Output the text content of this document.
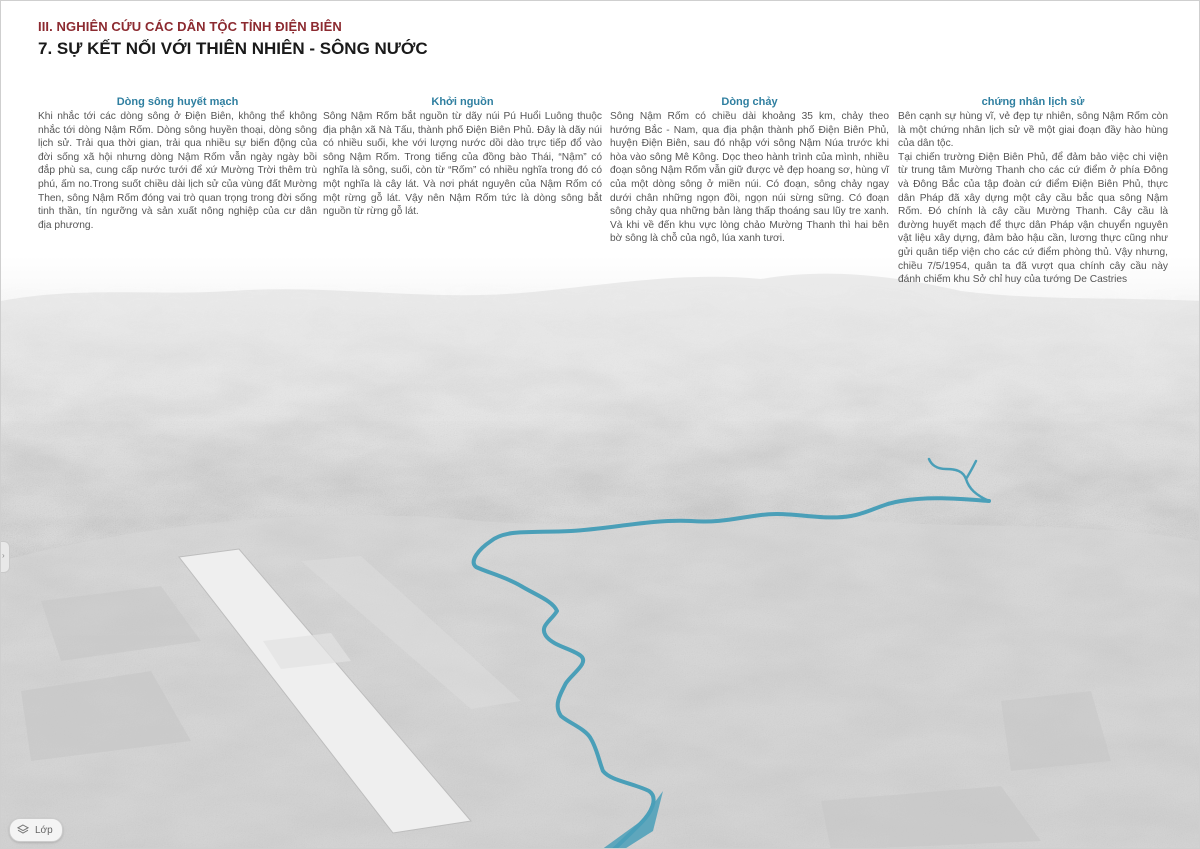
III. NGHIÊN CỨU CÁC DÂN TỘC TỈNH ĐIỆN BIÊN

7. SỰ KẾT NỐI VỚI THIÊN NHIÊN - SÔNG NƯỚC

Dòng sông huyết mạch

Khi nhắc tới các dòng sông ở Điện Biên, không thể không nhắc tới dòng Nậm Rốm. Dòng sông huyền thoại, dòng sông lịch sử. Trải qua thời gian, trải qua nhiều sự biến động của đời sống xã hội nhưng dòng Nậm Rốm vẫn ngày ngày bồi đắp phù sa, cung cấp nước tưới để xứ Mường Trời thêm trù phú, ấm no.Trong suốt chiều dài lịch sử của vùng đất Mường Then, sông Nậm Rốm đóng vai trò quan trọng trong đời sống tinh thần, tín ngưỡng và sản xuất nông nghiệp của cư dân địa phương.

Khởi nguồn

Sông Nậm Rốm bắt nguồn từ dãy núi Pú Huổi Luông thuộc địa phận xã Nà Tấu, thành phố Điện Biên Phủ. Đây là dãy núi có nhiều suối, khe với lượng nước dồi dào trực tiếp đổ vào sông Nậm Rốm. Trong tiếng của đồng bào Thái, “Nậm” có nghĩa là sông, suối, còn từ “Rốm” có nhiều nghĩa trong đó có một nghĩa là cây lát. Và nơi phát nguyên của Nậm Rốm có một rừng gỗ lát. Vậy nên Nậm Rốm tức là dòng sông bắt nguồn từ rừng gỗ lát.

Dòng chảy

Sông Nậm Rốm có chiều dài khoảng 35 km, chảy theo hướng Bắc - Nam, qua địa phận thành phố Điện Biên Phủ, huyện Điện Biên, sau đó nhập với sông Nậm Núa trước khi hòa vào sông Mê Kông. Dọc theo hành trình của mình, nhiều đoạn sông Nậm Rốm vẫn giữ được vẻ đẹp hoang sơ, hùng vĩ của một dòng sông ở miền núi. Có đoạn, sông chảy ngay dưới chân những ngọn đồi, ngọn núi sừng sững. Có đoạn sông chảy qua những bản làng thấp thoáng sau lũy tre xanh. Và khi về đến khu vực lòng chảo Mường Thanh thì hai bên bờ sông là chỗ của ngô, lúa xanh tươi.

chứng nhân lịch sử

Bên cạnh sự hùng vĩ, vẻ đẹp tự nhiên, sông Nậm Rốm còn là một chứng nhân lịch sử về một giai đoạn đầy hào hùng của dân tộc.

Tại chiến trường Điện Biên Phủ, để đảm bảo việc chi viện từ trung tâm Mường Thanh cho các cứ điểm ở phía Đông và Đông Bắc của tập đoàn cứ điểm Điện Biên Phủ, thực dân Pháp đã xây dựng một cây cầu bắc qua sông Nậm Rốm. Đó chính là cây cầu Mường Thanh. Cây cầu là đường huyết mạch để thực dân Pháp vận chuyển nguyên vật liệu xây dựng, đảm bảo hậu cần, lương thực cũng như gửi quân tiếp viện cho các cứ điểm phòng thủ. Vậy nhưng, chiều 7/5/1954, quân ta đã vượt qua chính cây cầu này đánh chiếm khu Sở chỉ huy của tướng De Castries

›
Lớp
